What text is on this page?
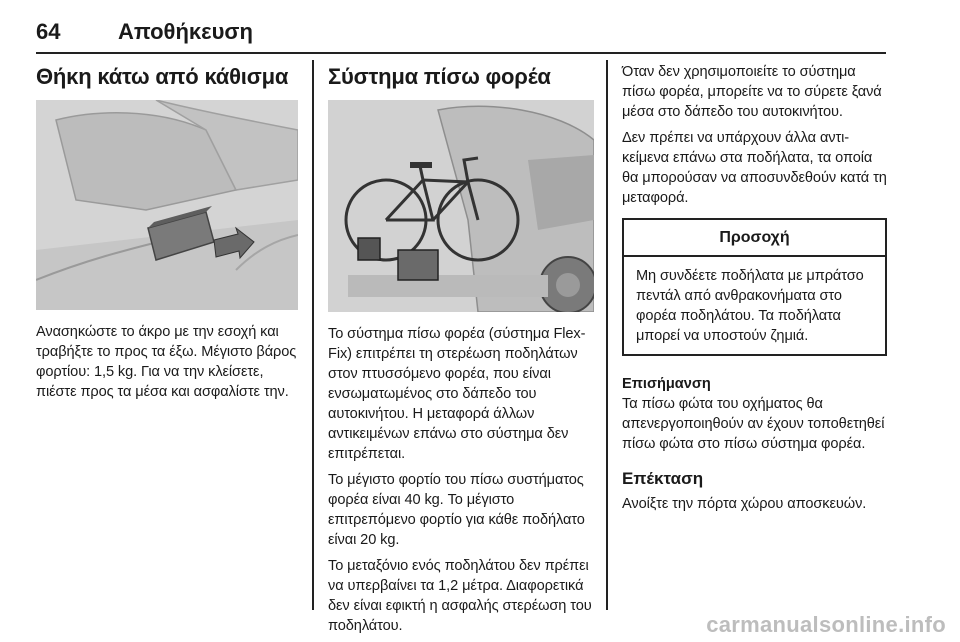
64	Αποθήκευση
Θήκη κάτω από κάθισμα

Ανασηκώστε το άκρο με την εσοχή και τραβήξτε το προς τα έξω. Μέγιστο βάρος φορτίου: 1,5 kg. Για να την κλείσετε, πιέστε προς τα μέσα και ασφαλίστε την.

Σύστημα πίσω φορέα

Το σύστημα πίσω φορέα (σύστημα Flex-Fix) επιτρέπει τη στερέωση ποδηλάτων στον πτυσσόμενο φορέα, που είναι ενσωματωμένος στο δάπεδο του αυτοκινήτου. Η μεταφορά άλλων αντικειμένων επάνω στο σύστημα δεν επιτρέπεται.

Το μέγιστο φορτίο του πίσω συστήματος φορέα είναι 40 kg. Το μέγιστο επιτρεπόμενο φορτίο για κάθε ποδήλατο είναι 20 kg.

Το μεταξόνιο ενός ποδηλάτου δεν πρέπει να υπερβαίνει τα 1,2 μέτρα. Διαφορετικά δεν είναι εφικτή η ασφαλής στερέωση του ποδηλάτου.

Όταν δεν χρησιμοποιείτε το σύστημα πίσω φορέα, μπορείτε να το σύρετε ξανά μέσα στο δάπεδο του αυτοκινήτου.

Δεν πρέπει να υπάρχουν άλλα αντικείμενα επάνω στα ποδήλατα, τα οποία θα μπορούσαν να αποσυνδεθούν κατά τη μεταφορά.

Προσοχή

Μη συνδέετε ποδήλατα με μπράτσο πεντάλ από ανθρακονήματα στο φορέα ποδηλάτου. Τα ποδήλατα μπορεί να υποστούν ζημιά.

Επισήμανση

Τα πίσω φώτα του οχήματος θα απενεργοποιηθούν αν έχουν τοποθετηθεί πίσω φώτα στο πίσω σύστημα φορέα.

Επέκταση

Ανοίξτε την πόρτα χώρου αποσκευών.

carmanualsonline.info
